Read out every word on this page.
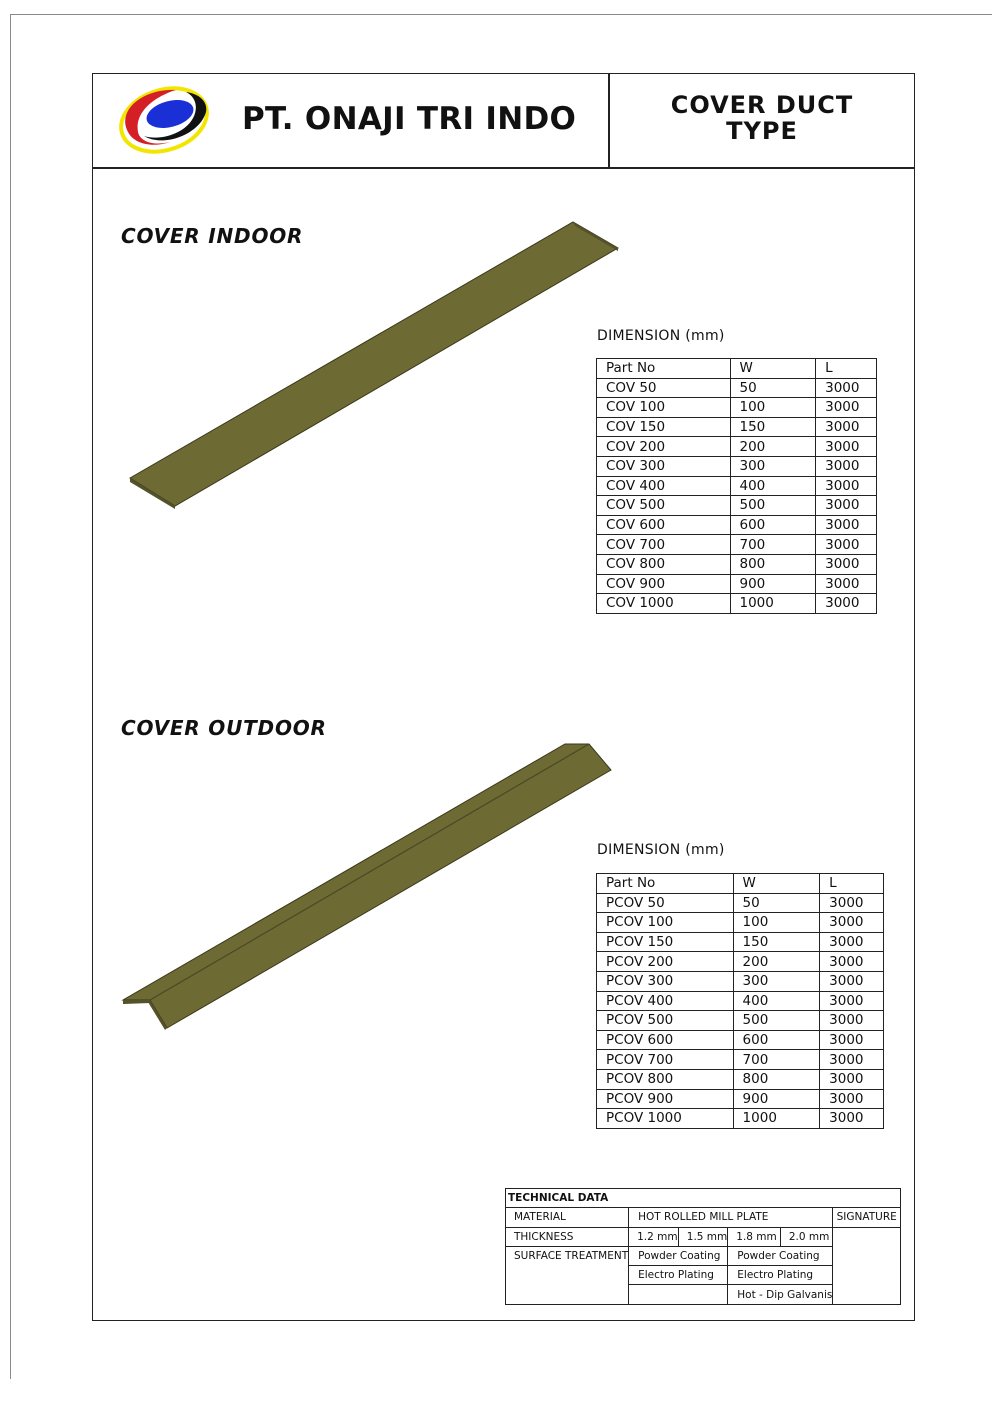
PT. ONAJI TRI INDO	COVER DUCT
TYPE
COVER INDOOR
DIMENSION (mm)
Part No	W	L
COV 50	50	3000
COV 100	100	3000
COV 150	150	3000
COV 200	200	3000
COV 300	300	3000
COV 400	400	3000
COV 500	500	3000
COV 600	600	3000
COV 700	700	3000
COV 800	800	3000
COV 900	900	3000
COV 1000	1000	3000
COVER OUTDOOR
DIMENSION (mm)
Part No	W	L
PCOV 50	50	3000
PCOV 100	100	3000
PCOV 150	150	3000
PCOV 200	200	3000
PCOV 300	300	3000
PCOV 400	400	3000
PCOV 500	500	3000
PCOV 600	600	3000
PCOV 700	700	3000
PCOV 800	800	3000
PCOV 900	900	3000
PCOV 1000	1000	3000
TECHNICAL DATA					
MATERIAL	HOT ROLLED MILL PLATE				SIGNATURE
THICKNESS	1.2 mm	1.5 mm	1.8 mm	2.0 mm	
SURFACE TREATMENT	Powder Coating		Powder Coating		
	Electro Plating		Electro Plating		
			Hot - Dip Galvanis		
